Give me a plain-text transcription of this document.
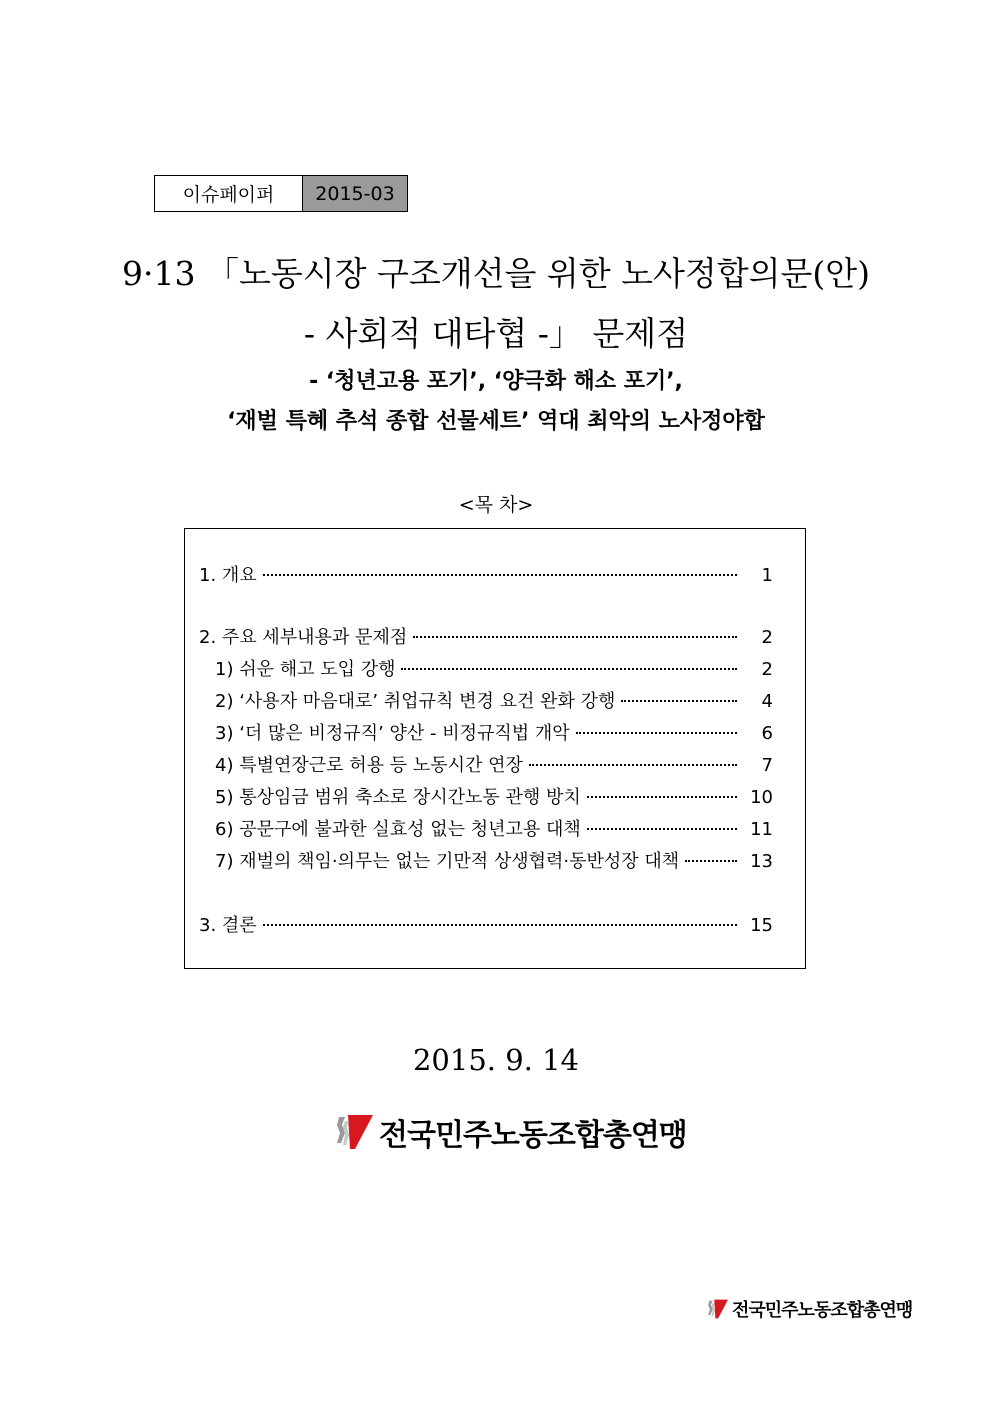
이슈페이퍼	2015-03
9·13 「노동시장 구조개선을 위한 노사정합의문(안)
- 사회적 대타협 -」 문제점
- ‘청년고용 포기’, ‘양극화 해소 포기’,
‘재벌 특혜 추석 종합 선물세트’ 역대 최악의 노사정야합
<목 차>
1. 개요	1
2. 주요 세부내용과 문제점	2
1) 쉬운 해고 도입 강행	2
2) ‘사용자 마음대로’ 취업규칙 변경 요건 완화 강행	4
3) ‘더 많은 비정규직’ 양산 - 비정규직법 개악	6
4) 특별연장근로 허용 등 노동시간 연장	7
5) 통상임금 범위 축소로 장시간노동 관행 방치	10
6) 공문구에 불과한 실효성 없는 청년고용 대책	11
7) 재벌의 책임·의무는 없는 기만적 상생협력·동반성장 대책	13
3. 결론	15
2015. 9. 14
전국민주노동조합총연맹
전국민주노동조합총연맹
